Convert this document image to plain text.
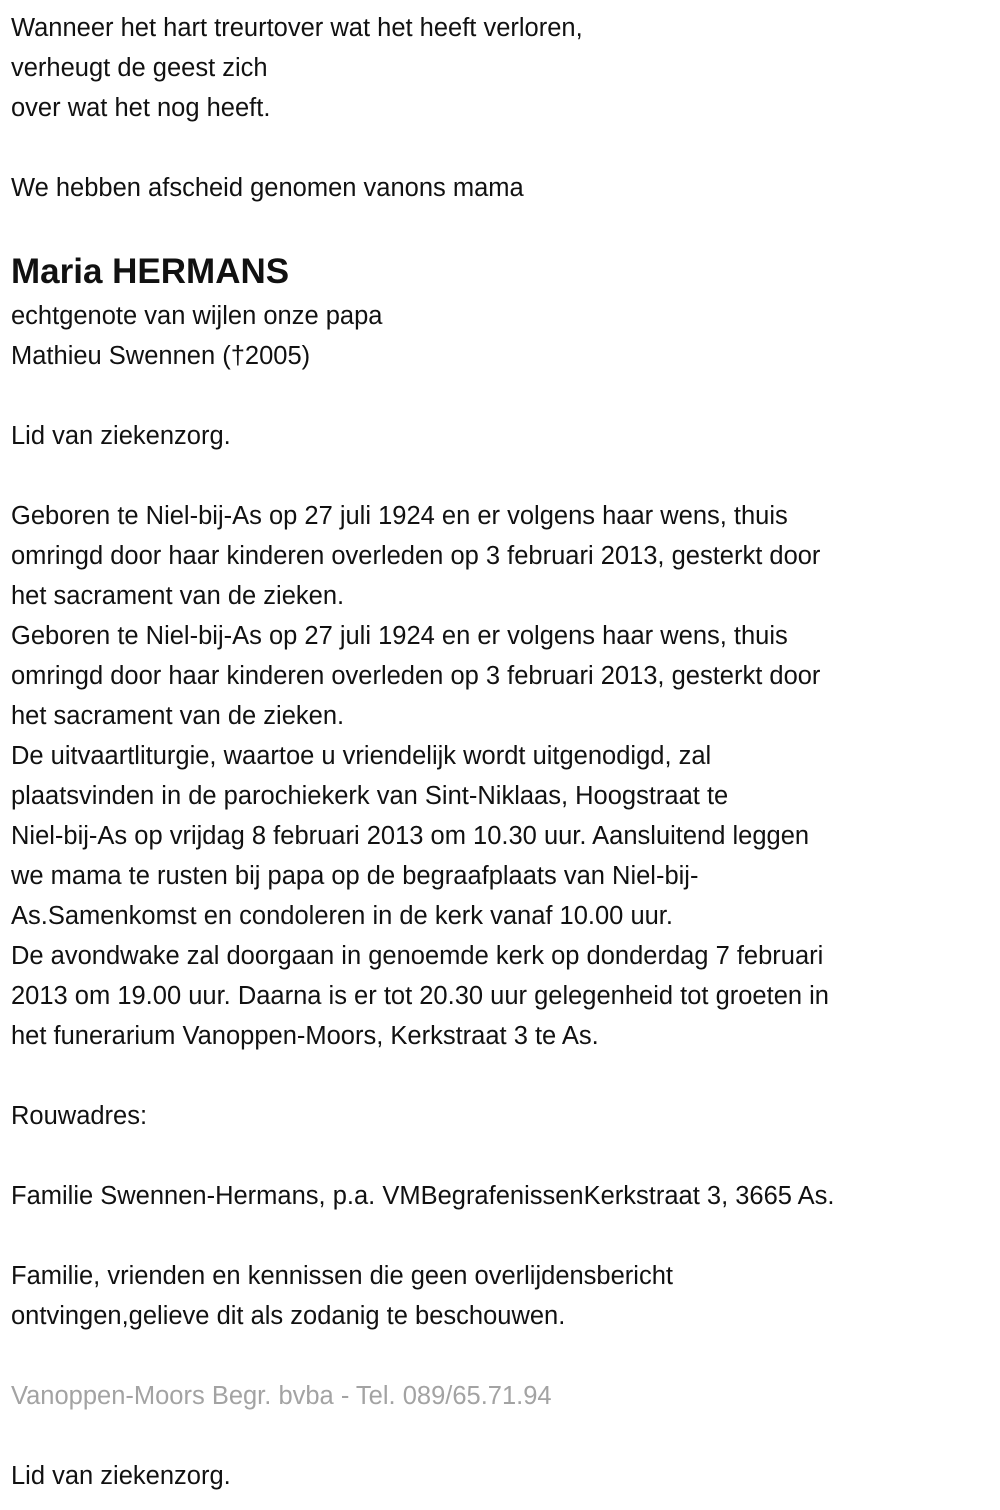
Wanneer het hart treurtover wat het heeft verloren,
verheugt de geest zich
over wat het nog heeft.
We hebben afscheid genomen vanons mama
Maria HERMANS
echtgenote van wijlen onze papa
Mathieu Swennen (†2005)
Lid van ziekenzorg.
Geboren te Niel-bij-As op 27 juli 1924 en er volgens haar wens, thuis
omringd door haar kinderen overleden op 3 februari 2013, gesterkt door
het sacrament van de zieken.
Geboren te Niel-bij-As op 27 juli 1924 en er volgens haar wens, thuis
omringd door haar kinderen overleden op 3 februari 2013, gesterkt door
het sacrament van de zieken.
De uitvaartliturgie, waartoe u vriendelijk wordt uitgenodigd, zal
plaatsvinden in de parochiekerk van Sint-Niklaas, Hoogstraat te
Niel-bij-As op vrijdag 8 februari 2013 om 10.30 uur. Aansluitend leggen
we mama te rusten bij papa op de begraafplaats van Niel-bij-
As.Samenkomst en condoleren in de kerk vanaf 10.00 uur.
De avondwake zal doorgaan in genoemde kerk op donderdag 7 februari
2013 om 19.00 uur. Daarna is er tot 20.30 uur gelegenheid tot groeten in
het funerarium Vanoppen-Moors, Kerkstraat 3 te As.
Rouwadres:
Familie Swennen-Hermans, p.a. VMBegrafenissenKerkstraat 3, 3665 As.
Familie, vrienden en kennissen die geen overlijdensbericht
ontvingen,gelieve dit als zodanig te beschouwen.
Vanoppen-Moors Begr. bvba - Tel. 089/65.71.94
Lid van ziekenzorg.
